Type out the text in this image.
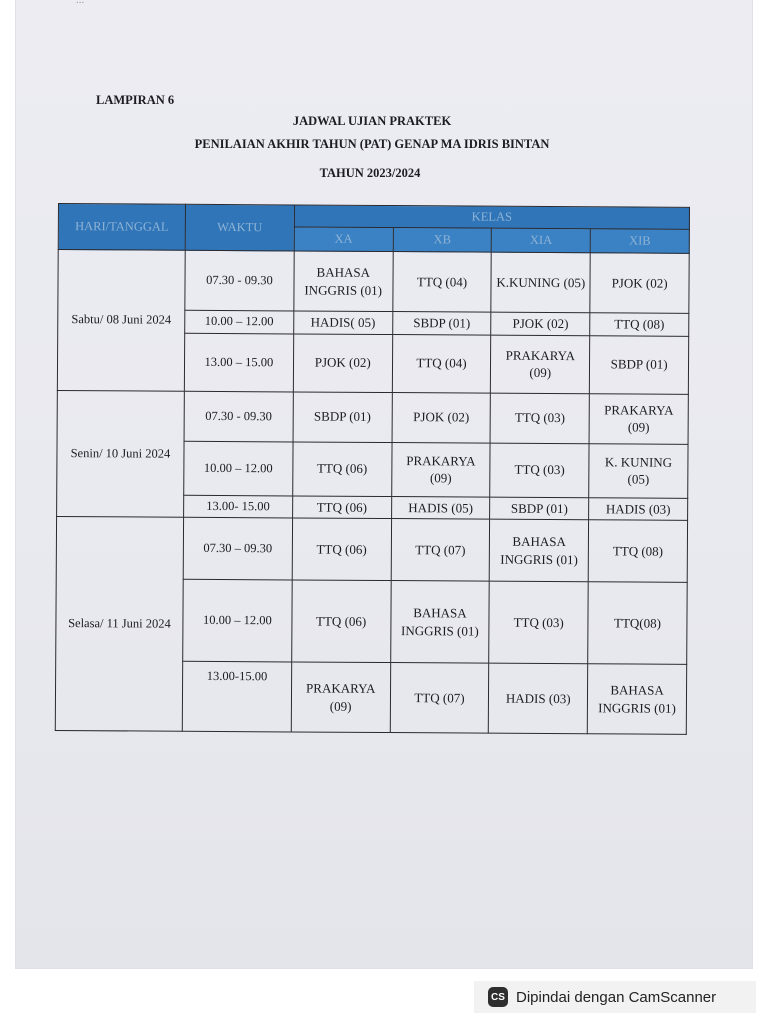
...
LAMPIRAN 6
JADWAL UJIAN PRAKTEK
PENILAIAN AKHIR TAHUN (PAT) GENAP MA IDRIS BINTAN
TAHUN 2023/2024
HARI/TANGGAL	WAKTU	KELAS			
		XA	XB	XIA	XIB
Sabtu/ 08 Juni 2024	07.30 - 09.30	BAHASA INGGRIS (01)	TTQ (04)	K.KUNING (05)	PJOK (02)
	10.00 – 12.00	HADIS( 05)	SBDP (01)	PJOK (02)	TTQ (08)
	13.00 – 15.00	PJOK (02)	TTQ (04)	PRAKARYA (09)	SBDP (01)
Senin/ 10 Juni 2024	07.30 - 09.30	SBDP (01)	PJOK (02)	TTQ (03)	PRAKARYA (09)
	10.00 – 12.00	TTQ (06)	PRAKARYA (09)	TTQ (03)	K. KUNING (05)
	13.00- 15.00	TTQ (06)	HADIS (05)	SBDP (01)	HADIS (03)
Selasa/ 11 Juni 2024	07.30 – 09.30	TTQ (06)	TTQ (07)	BAHASA INGGRIS (01)	TTQ (08)
	10.00 – 12.00	TTQ (06)	BAHASA INGGRIS (01)	TTQ (03)	TTQ(08)
	13.00-15.00	PRAKARYA (09)	TTQ (07)	HADIS (03)	BAHASA INGGRIS (01)
CS Dipindai dengan CamScanner
